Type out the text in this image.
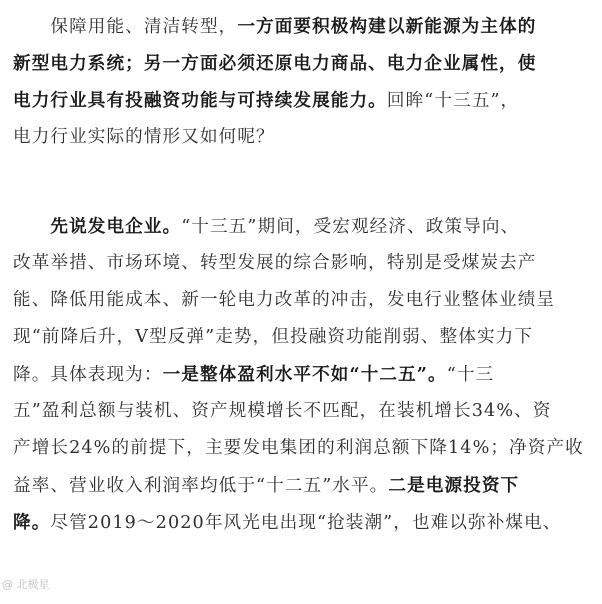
　　保障用能、清洁转型，一方面要积极构建以新能源为主体的
新型电力系统；另一方面必须还原电力商品、电力企业属性，使
电力行业具有投融资功能与可持续发展能力。回眸“十三五”，
电力行业实际的情形又如何呢？
　　先说发电企业。“十三五”期间，受宏观经济、政策导向、
改革举措、市场环境、转型发展的综合影响，特别是受煤炭去产
能、降低用能成本、新一轮电力改革的冲击，发电行业整体业绩呈
现“前降后升，V型反弹”走势，但投融资功能削弱、整体实力下
降。具体表现为：一是整体盈利水平不如“十二五”。“十三
五”盈利总额与装机、资产规模增长不匹配，在装机增长34%、资
产增长24%的前提下，主要发电集团的利润总额下降14%；净资产收
益率、营业收入利润率均低于“十二五”水平。二是电源投资下
降。尽管2019～2020年风光电出现“抢装潮”，也难以弥补煤电、
@ 北极星
